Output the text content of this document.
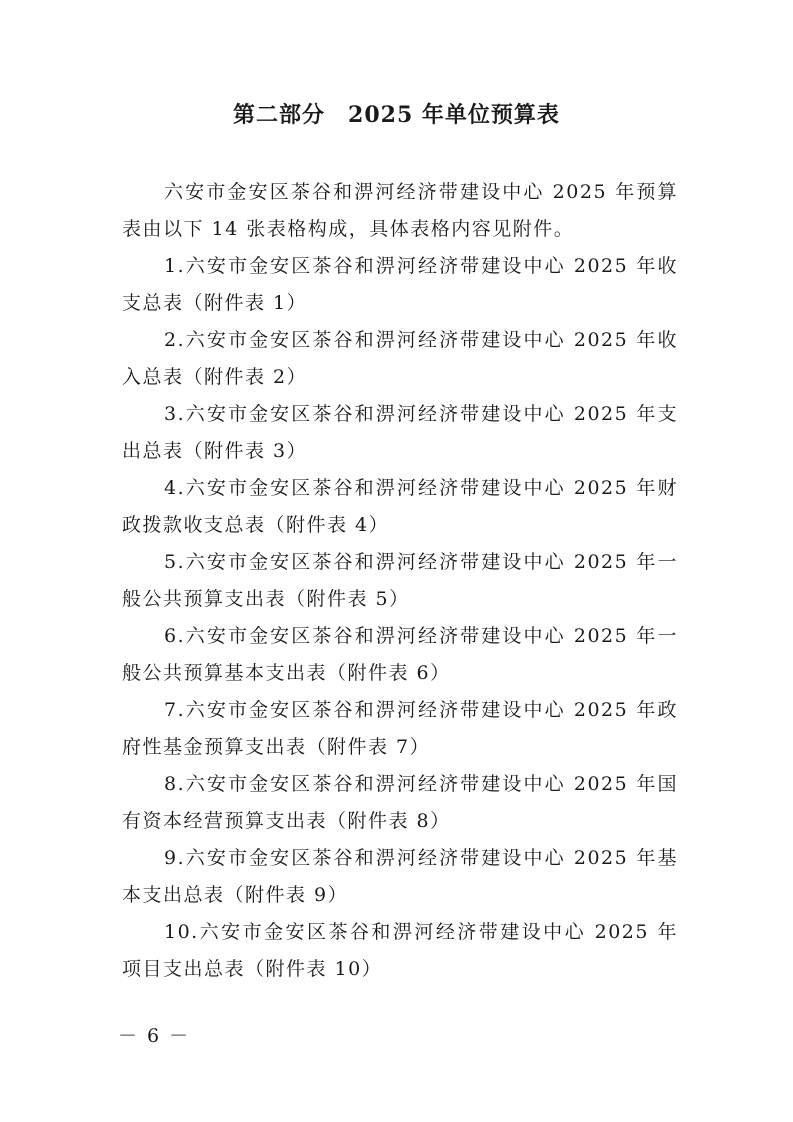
第二部分　2025 年单位预算表

六安市金安区茶谷和淠河经济带建设中心 2025 年预算表由以下 14 张表格构成，具体表格内容见附件。

1.六安市金安区茶谷和淠河经济带建设中心 2025 年收支总表（附件表 1）

2.六安市金安区茶谷和淠河经济带建设中心 2025 年收入总表（附件表 2）

3.六安市金安区茶谷和淠河经济带建设中心 2025 年支出总表（附件表 3）

4.六安市金安区茶谷和淠河经济带建设中心 2025 年财政拨款收支总表（附件表 4）

5.六安市金安区茶谷和淠河经济带建设中心 2025 年一般公共预算支出表（附件表 5）

6.六安市金安区茶谷和淠河经济带建设中心 2025 年一般公共预算基本支出表（附件表 6）

7.六安市金安区茶谷和淠河经济带建设中心 2025 年政府性基金预算支出表（附件表 7）

8.六安市金安区茶谷和淠河经济带建设中心 2025 年国有资本经营预算支出表（附件表 8）

9.六安市金安区茶谷和淠河经济带建设中心 2025 年基本支出总表（附件表 9）

10.六安市金安区茶谷和淠河经济带建设中心 2025 年项目支出总表（附件表 10）

－ 6 －
